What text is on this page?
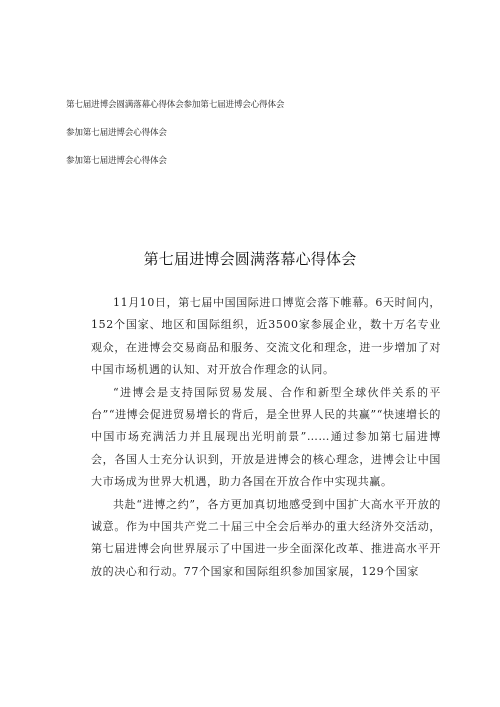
第七届进博会圆满落幕心得体会参加第七届进博会心得体会
参加第七届进博会心得体会
参加第七届进博会心得体会
第七届进博会圆满落幕心得体会

11月10日，第七届中国国际进口博览会落下帷幕。6天时间内，152个国家、地区和国际组织，近3500家参展企业，数十万名专业观众，在进博会交易商品和服务、交流文化和理念，进一步增加了对中国市场机遇的认知、对开放合作理念的认同。

“进博会是支持国际贸易发展、合作和新型全球伙伴关系的平台”“进博会促进贸易增长的背后，是全世界人民的共赢”“快速增长的中国市场充满活力并且展现出光明前景”……通过参加第七届进博会，各国人士充分认识到，开放是进博会的核心理念，进博会让中国大市场成为世界大机遇，助力各国在开放合作中实现共赢。

共赴“进博之约”，各方更加真切地感受到中国扩大高水平开放的诚意。作为中国共产党二十届三中全会后举办的重大经济外交活动，第七届进博会向世界展示了中国进一步全面深化改革、推进高水平开放的决心和行动。77个国家和国际组织参加国家展，129个国家
